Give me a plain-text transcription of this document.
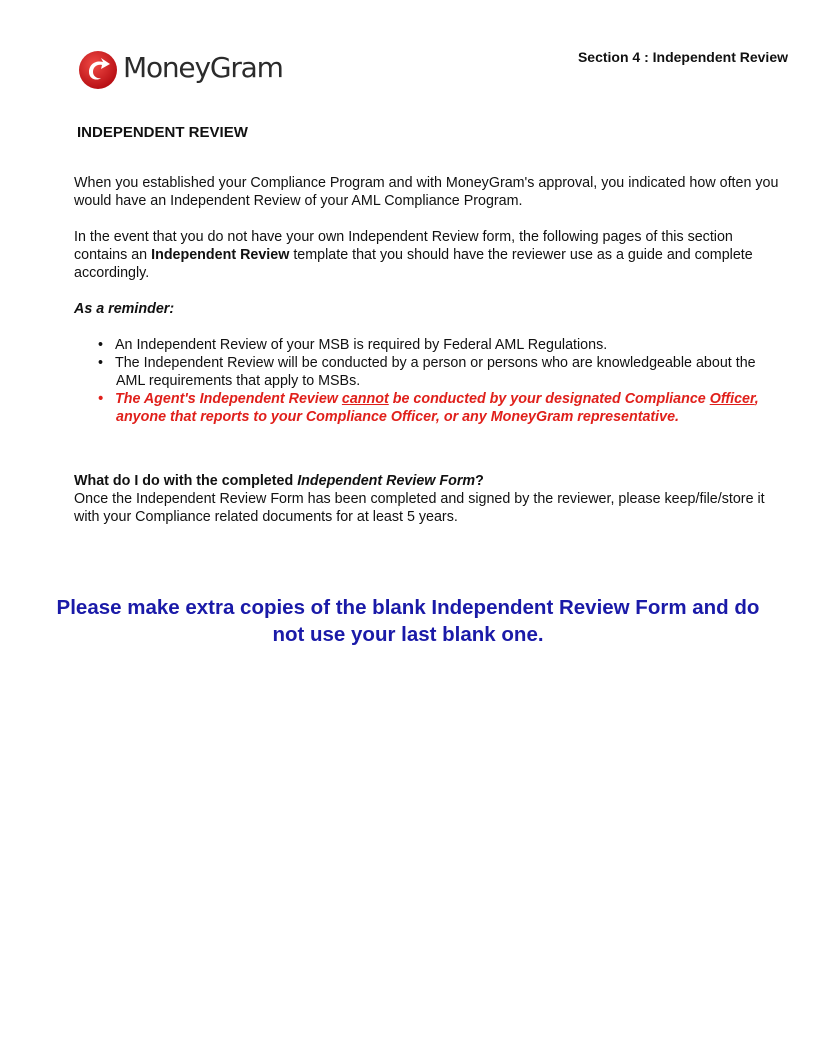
MoneyGram	Section 4 : Independent Review
INDEPENDENT REVIEW

When you established your Compliance Program and with MoneyGram's approval, you indicated how often you would have an Independent Review of your AML Compliance Program.

In the event that you do not have your own Independent Review form, the following pages of this section contains an Independent Review template that you should have the reviewer use as a guide and complete accordingly.

As a reminder:

• An Independent Review of your MSB is required by Federal AML Regulations.
• The Independent Review will be conducted by a person or persons who are knowledgeable about the AML requirements that apply to MSBs.
• The Agent's Independent Review cannot be conducted by your designated Compliance Officer, anyone that reports to your Compliance Officer, or any MoneyGram representative.

What do I do with the completed Independent Review Form?

Once the Independent Review Form has been completed and signed by the reviewer, please keep/file/store it with your Compliance related documents for at least 5 years.

Please make extra copies of the blank Independent Review Form and do not use your last blank one.
